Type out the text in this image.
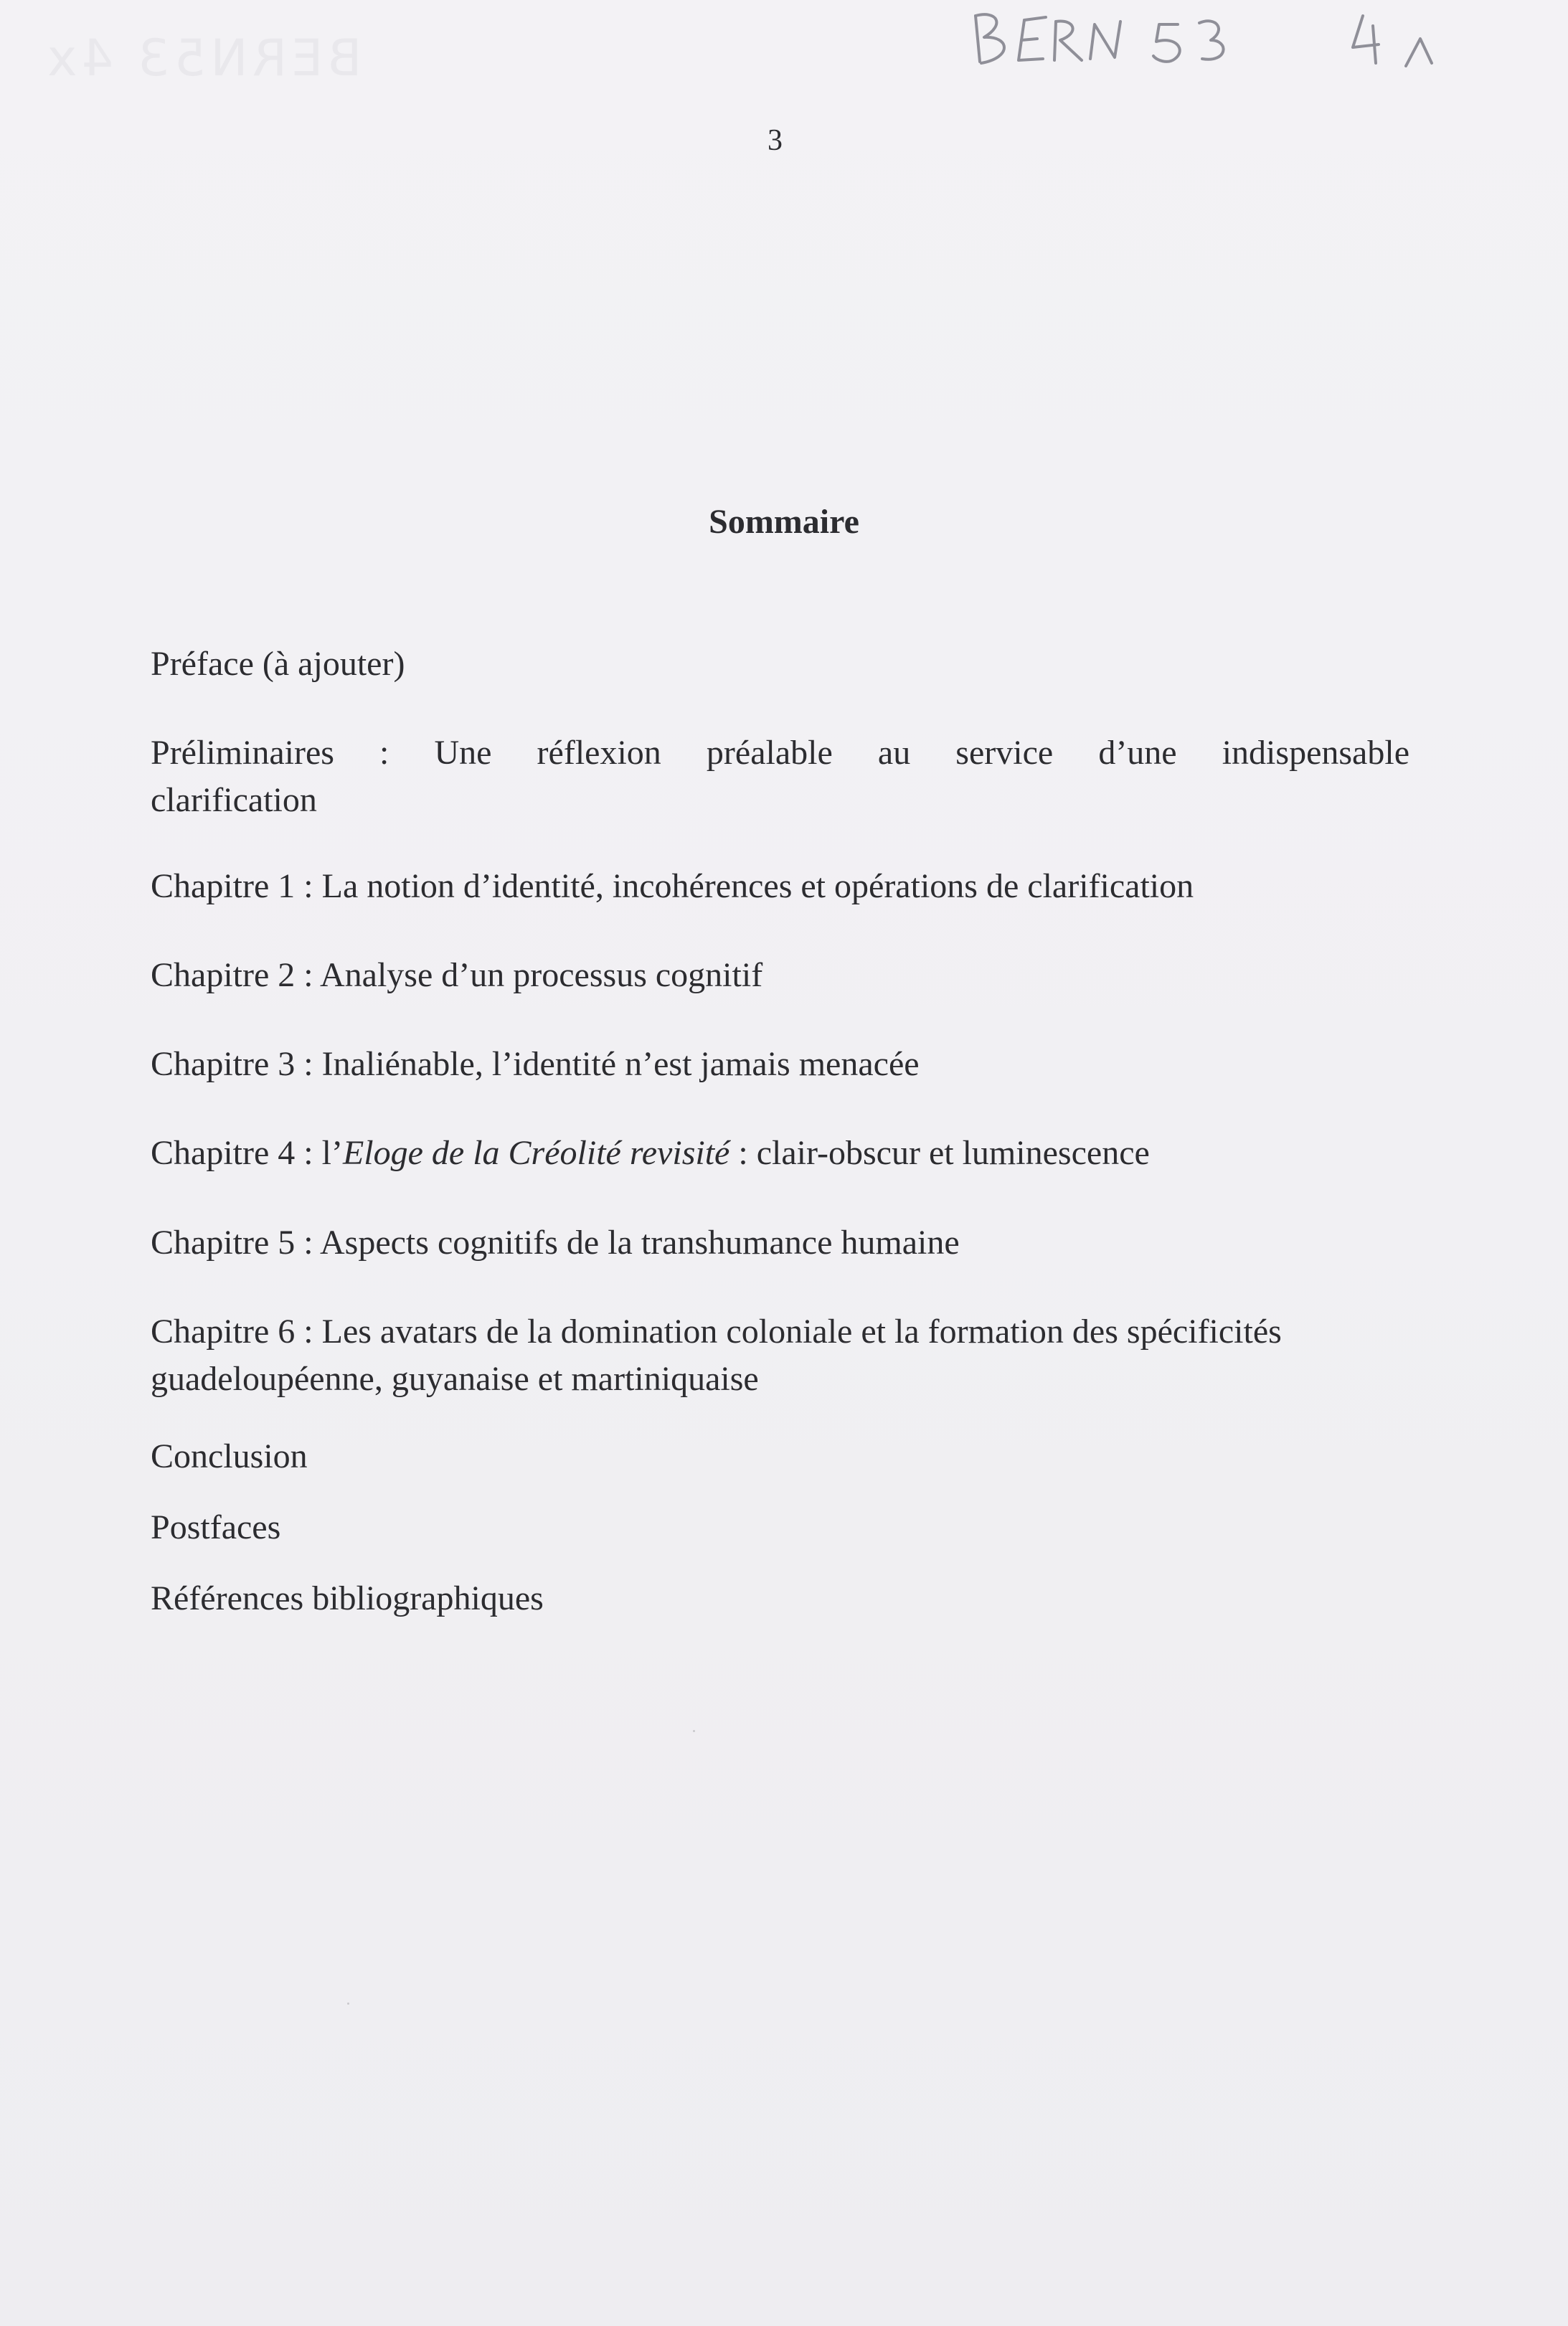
BERN53 4x
3
Sommaire
Préface (à ajouter)
Préliminaires : Une réflexion préalable au service d’une indispensable
clarification
Chapitre 1 : La notion d’identité, incohérences et opérations de clarification
Chapitre 2 : Analyse d’un processus cognitif
Chapitre 3 : Inaliénable, l’identité n’est jamais menacée
Chapitre 4 : l’Eloge de la Créolité revisité : clair-obscur et luminescence
Chapitre 5 : Aspects cognitifs de la transhumance humaine
Chapitre 6 : Les avatars de la domination coloniale et la formation des spécificités
guadeloupéenne, guyanaise et martiniquaise
Conclusion
Postfaces
Références bibliographiques
